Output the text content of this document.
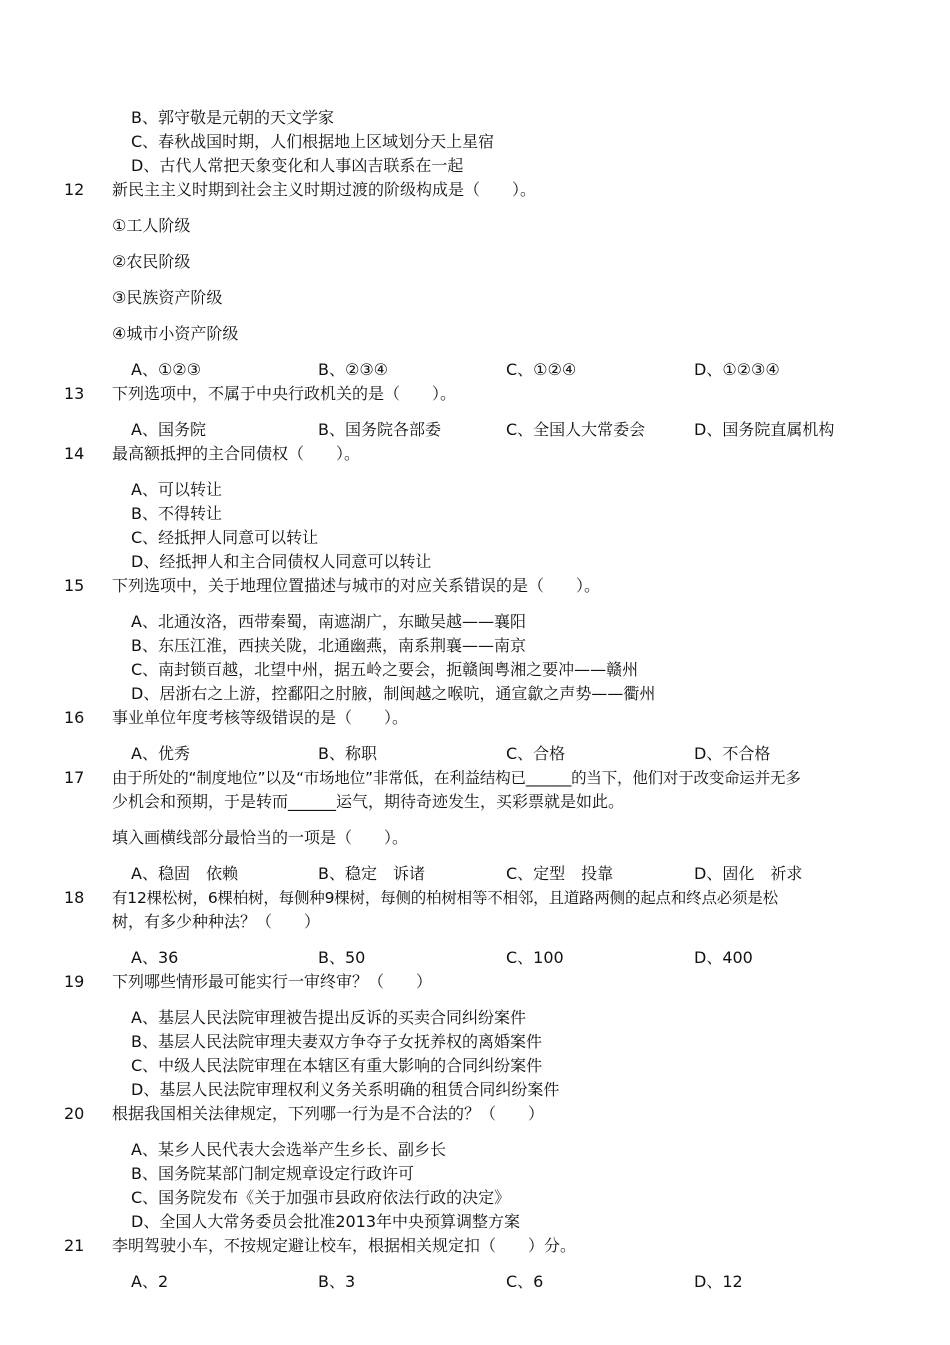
B、郭守敬是元朝的天文学家
C、春秋战国时期，人们根据地上区域划分天上星宿
D、古代人常把天象变化和人事凶吉联系在一起
12 新民主主义时期到社会主义时期过渡的阶级构成是（　　）。
①工人阶级
②农民阶级
③民族资产阶级
④城市小资产阶级
A、①②③	B、②③④	C、①②④	D、①②③④
13 下列选项中，不属于中央行政机关的是（　　）。
A、国务院	B、国务院各部委	C、全国人大常委会	D、国务院直属机构
14 最高额抵押的主合同债权（　　）。
A、可以转让
B、不得转让
C、经抵押人同意可以转让
D、经抵押人和主合同债权人同意可以转让
15 下列选项中，关于地理位置描述与城市的对应关系错误的是（　　）。
A、北通汝洛，西带秦蜀，南遮湖广，东瞰吴越——襄阳
B、东压江淮，西挟关陇，北通幽燕，南系荆襄——南京
C、南封锁百越，北望中州，据五岭之要会，扼赣闽粤湘之要冲——赣州
D、居浙右之上游，控鄱阳之肘腋，制闽越之喉吭，通宣歙之声势——衢州
16 事业单位年度考核等级错误的是（　　）。
A、优秀	B、称职	C、合格	D、不合格
17 由于所处的“制度地位”以及“市场地位”非常低，在利益结构已______的当下，他们对于改变命运并无多
少机会和预期，于是转而______运气，期待奇迹发生，买彩票就是如此。
填入画横线部分最恰当的一项是（　　）。
A、稳固　依赖	B、稳定　诉诸	C、定型　投靠	D、固化　祈求
18 有12棵松树，6棵柏树，每侧种9棵树，每侧的柏树相等不相邻，且道路两侧的起点和终点必须是松
树，有多少种种法？（　　）
A、36	B、50	C、100	D、400
19 下列哪些情形最可能实行一审终审？（　　）
A、基层人民法院审理被告提出反诉的买卖合同纠纷案件
B、基层人民法院审理夫妻双方争夺子女抚养权的离婚案件
C、中级人民法院审理在本辖区有重大影响的合同纠纷案件
D、基层人民法院审理权利义务关系明确的租赁合同纠纷案件
20 根据我国相关法律规定，下列哪一行为是不合法的？（　　）
A、某乡人民代表大会选举产生乡长、副乡长
B、国务院某部门制定规章设定行政许可
C、国务院发布《关于加强市县政府依法行政的决定》
D、全国人大常务委员会批准2013年中央预算调整方案
21 李明驾驶小车，不按规定避让校车，根据相关规定扣（　　）分。
A、2	B、3	C、6	D、12
